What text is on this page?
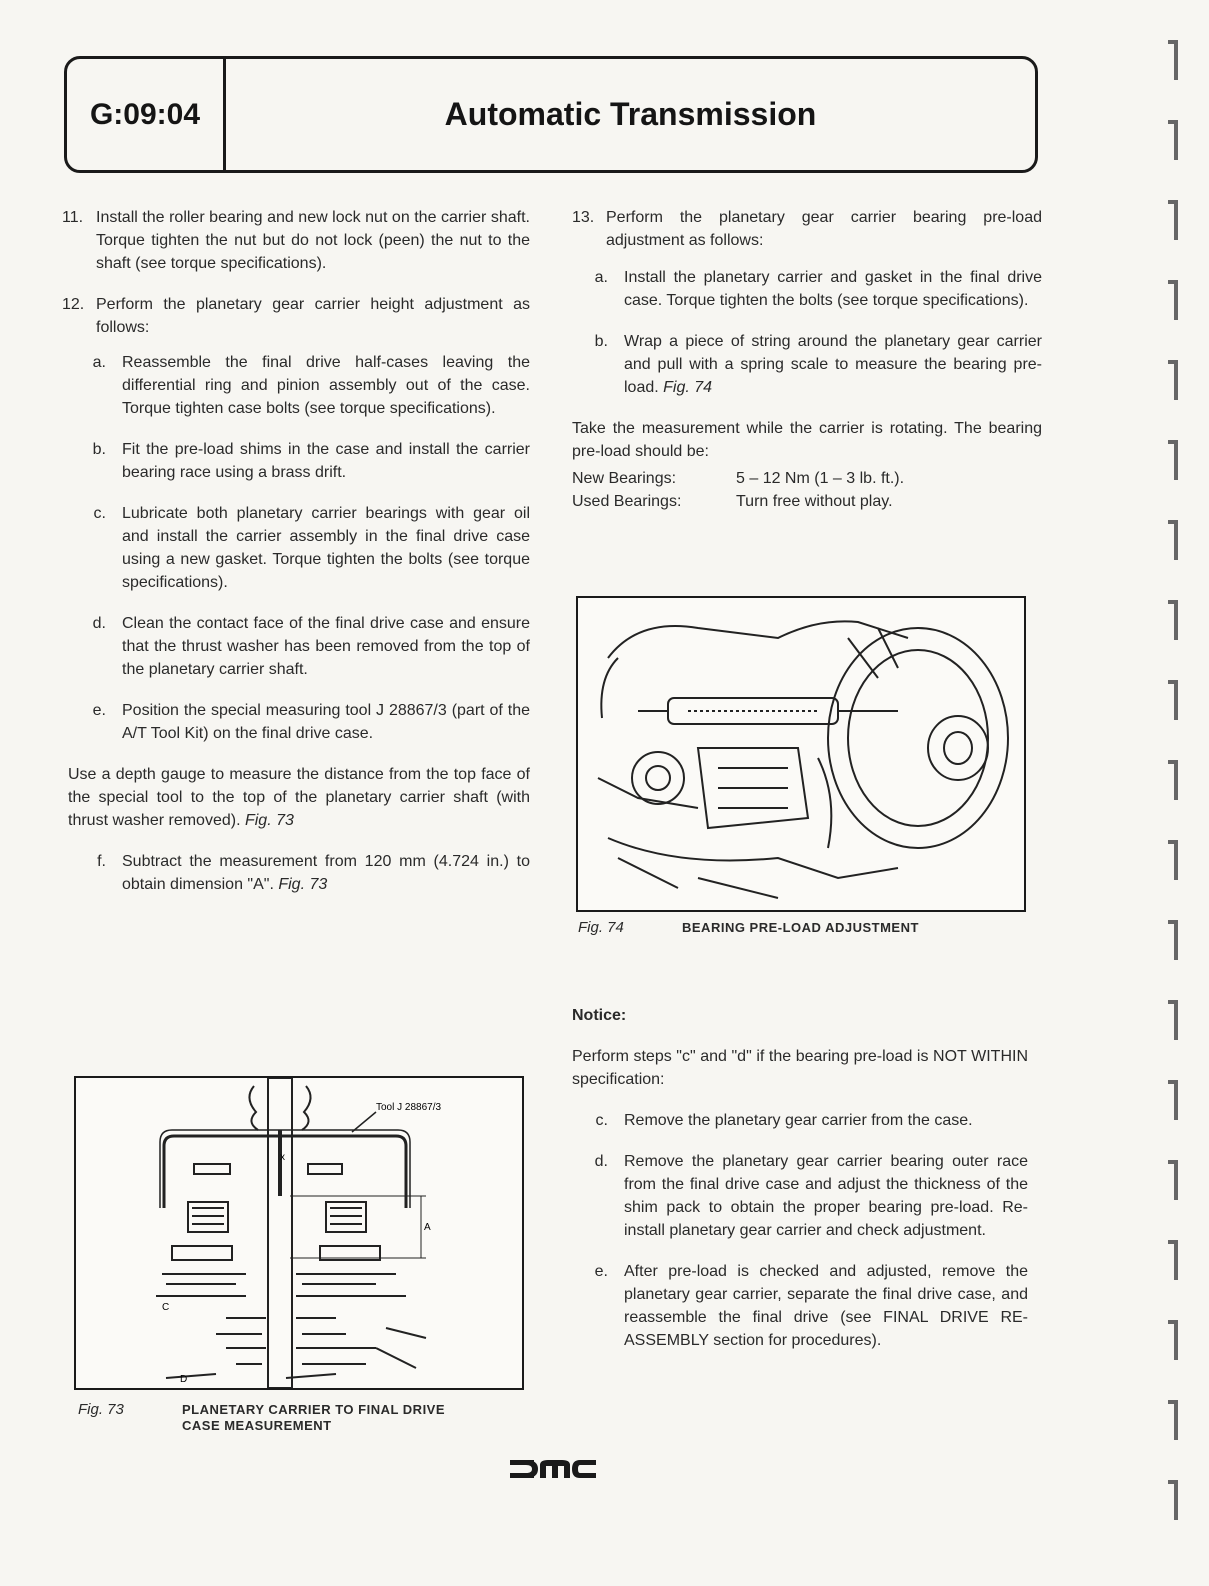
G:09:04	Automatic Transmission
11. Install the roller bearing and new lock nut on the carrier shaft. Torque tighten the nut but do not lock (peen) the nut to the shaft (see torque specifications).
12. Perform the planetary gear carrier height adjustment as follows:
a.	Reassemble the final drive half-cases leaving the differential ring and pinion assembly out of the case. Torque tighten case bolts (see torque specifications).
b.	Fit the pre-load shims in the case and install the carrier bearing race using a brass drift.
c.	Lubricate both planetary carrier bearings with gear oil and install the carrier assembly in the final drive case using a new gasket. Torque tighten the bolts (see torque specifications).
d.	Clean the contact face of the final drive case and ensure that the thrust washer has been removed from the top of the planetary carrier shaft.
e.	Position the special measuring tool J 28867/3 (part of the A/T Tool Kit) on the final drive case.
Use a depth gauge to measure the distance from the top face of the special tool to the top of the planetary carrier shaft (with thrust washer removed). Fig. 73
f.	Subtract the measurement from 120 mm (4.724 in.) to obtain dimension "A". Fig. 73
Tool J 28867/3
x
A
C
D
Fig. 73	PLANETARY CARRIER TO FINAL DRIVE
CASE MEASUREMENT
13. Perform the planetary gear carrier bearing pre-load adjustment as follows:
a.	Install the planetary carrier and gasket in the final drive case. Torque tighten the bolts (see torque specifications).
b.	Wrap a piece of string around the planetary gear carrier and pull with a spring scale to measure the bearing pre-load. Fig. 74
Take the measurement while the carrier is rotating. The bearing pre-load should be:
New Bearings:	5 – 12 Nm (1 – 3 lb. ft.).
Used Bearings:	Turn free without play.
Fig. 74	BEARING PRE-LOAD ADJUSTMENT
Notice:
Perform steps "c" and "d" if the bearing pre-load is NOT WITHIN specification:
c.	Remove the planetary gear carrier from the case.
d.	Remove the planetary gear carrier bearing outer race from the final drive case and adjust the thickness of the shim pack to obtain the proper bearing pre-load. Re-install planetary gear carrier and check adjustment.
e.	After pre-load is checked and adjusted, remove the planetary gear carrier, separate the final drive case, and reassemble the final drive (see FINAL DRIVE RE-ASSEMBLY section for procedures).
